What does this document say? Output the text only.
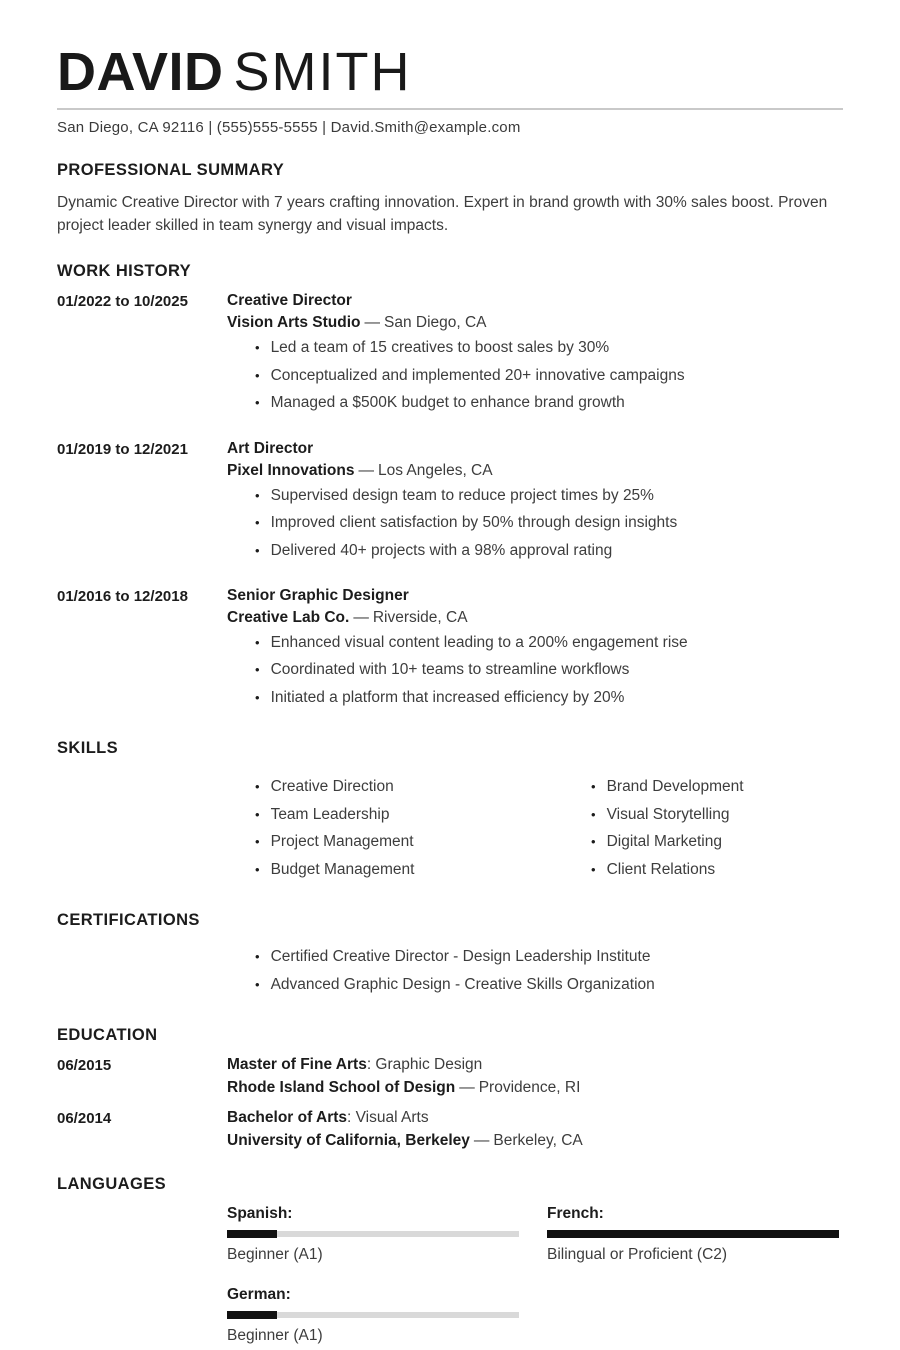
DAVID SMITH
San Diego, CA 92116 | (555)555-5555 | David.Smith@example.com
PROFESSIONAL SUMMARY
Dynamic Creative Director with 7 years crafting innovation. Expert in brand growth with 30% sales boost. Proven project leader skilled in team synergy and visual impacts.
WORK HISTORY
01/2022 to 10/2025	Creative Director
Vision Arts Studio — San Diego, CA
• Led a team of 15 creatives to boost sales by 30%
• Conceptualized and implemented 20+ innovative campaigns
• Managed a $500K budget to enhance brand growth
01/2019 to 12/2021	Art Director
Pixel Innovations — Los Angeles, CA
• Supervised design team to reduce project times by 25%
• Improved client satisfaction by 50% through design insights
• Delivered 40+ projects with a 98% approval rating
01/2016 to 12/2018	Senior Graphic Designer
Creative Lab Co. — Riverside, CA
• Enhanced visual content leading to a 200% engagement rise
• Coordinated with 10+ teams to streamline workflows
• Initiated a platform that increased efficiency by 20%
SKILLS
• Creative Direction
• Team Leadership
• Project Management
• Budget Management
• Brand Development
• Visual Storytelling
• Digital Marketing
• Client Relations
CERTIFICATIONS
• Certified Creative Director - Design Leadership Institute
• Advanced Graphic Design - Creative Skills Organization
EDUCATION
06/2015	Master of Fine Arts: Graphic Design
Rhode Island School of Design — Providence, RI
06/2014	Bachelor of Arts: Visual Arts
University of California, Berkeley — Berkeley, CA
LANGUAGES
Spanish:
Beginner (A1)
French:
Bilingual or Proficient (C2)
German:
Beginner (A1)
